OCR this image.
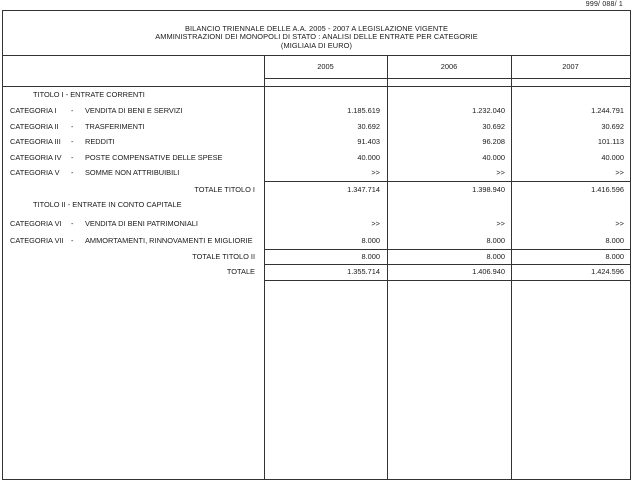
999/ 088/ 1
BILANCIO TRIENNALE DELLE A.A. 2005 - 2007 A LEGISLAZIONE VIGENTE
AMMINISTRAZIONI DEI MONOPOLI DI STATO : ANALISI DELLE ENTRATE PER CATEGORIE
(MIGLIAIA DI EURO)
2005	2006	2007
TITOLO I - ENTRATE CORRENTI
CATEGORIA I - VENDITA DI BENI E SERVIZI	1.185.619	1.232.040	1.244.791
CATEGORIA II - TRASFERIMENTI	30.692	30.692	30.692
CATEGORIA III - REDDITI	91.403	96.208	101.113
CATEGORIA IV - POSTE COMPENSATIVE DELLE SPESE	40.000	40.000	40.000
CATEGORIA V - SOMME NON ATTRIBUIBILI	>>	>>	>>
TOTALE TITOLO I	1.347.714	1.398.940	1.416.596
TITOLO II - ENTRATE IN CONTO CAPITALE
CATEGORIA VI - VENDITA DI BENI PATRIMONIALI	>>	>>	>>
CATEGORIA VII - AMMORTAMENTI, RINNOVAMENTI E MIGLIORIE	8.000	8.000	8.000
TOTALE TITOLO II	8.000	8.000	8.000
TOTALE	1.355.714	1.406.940	1.424.596
